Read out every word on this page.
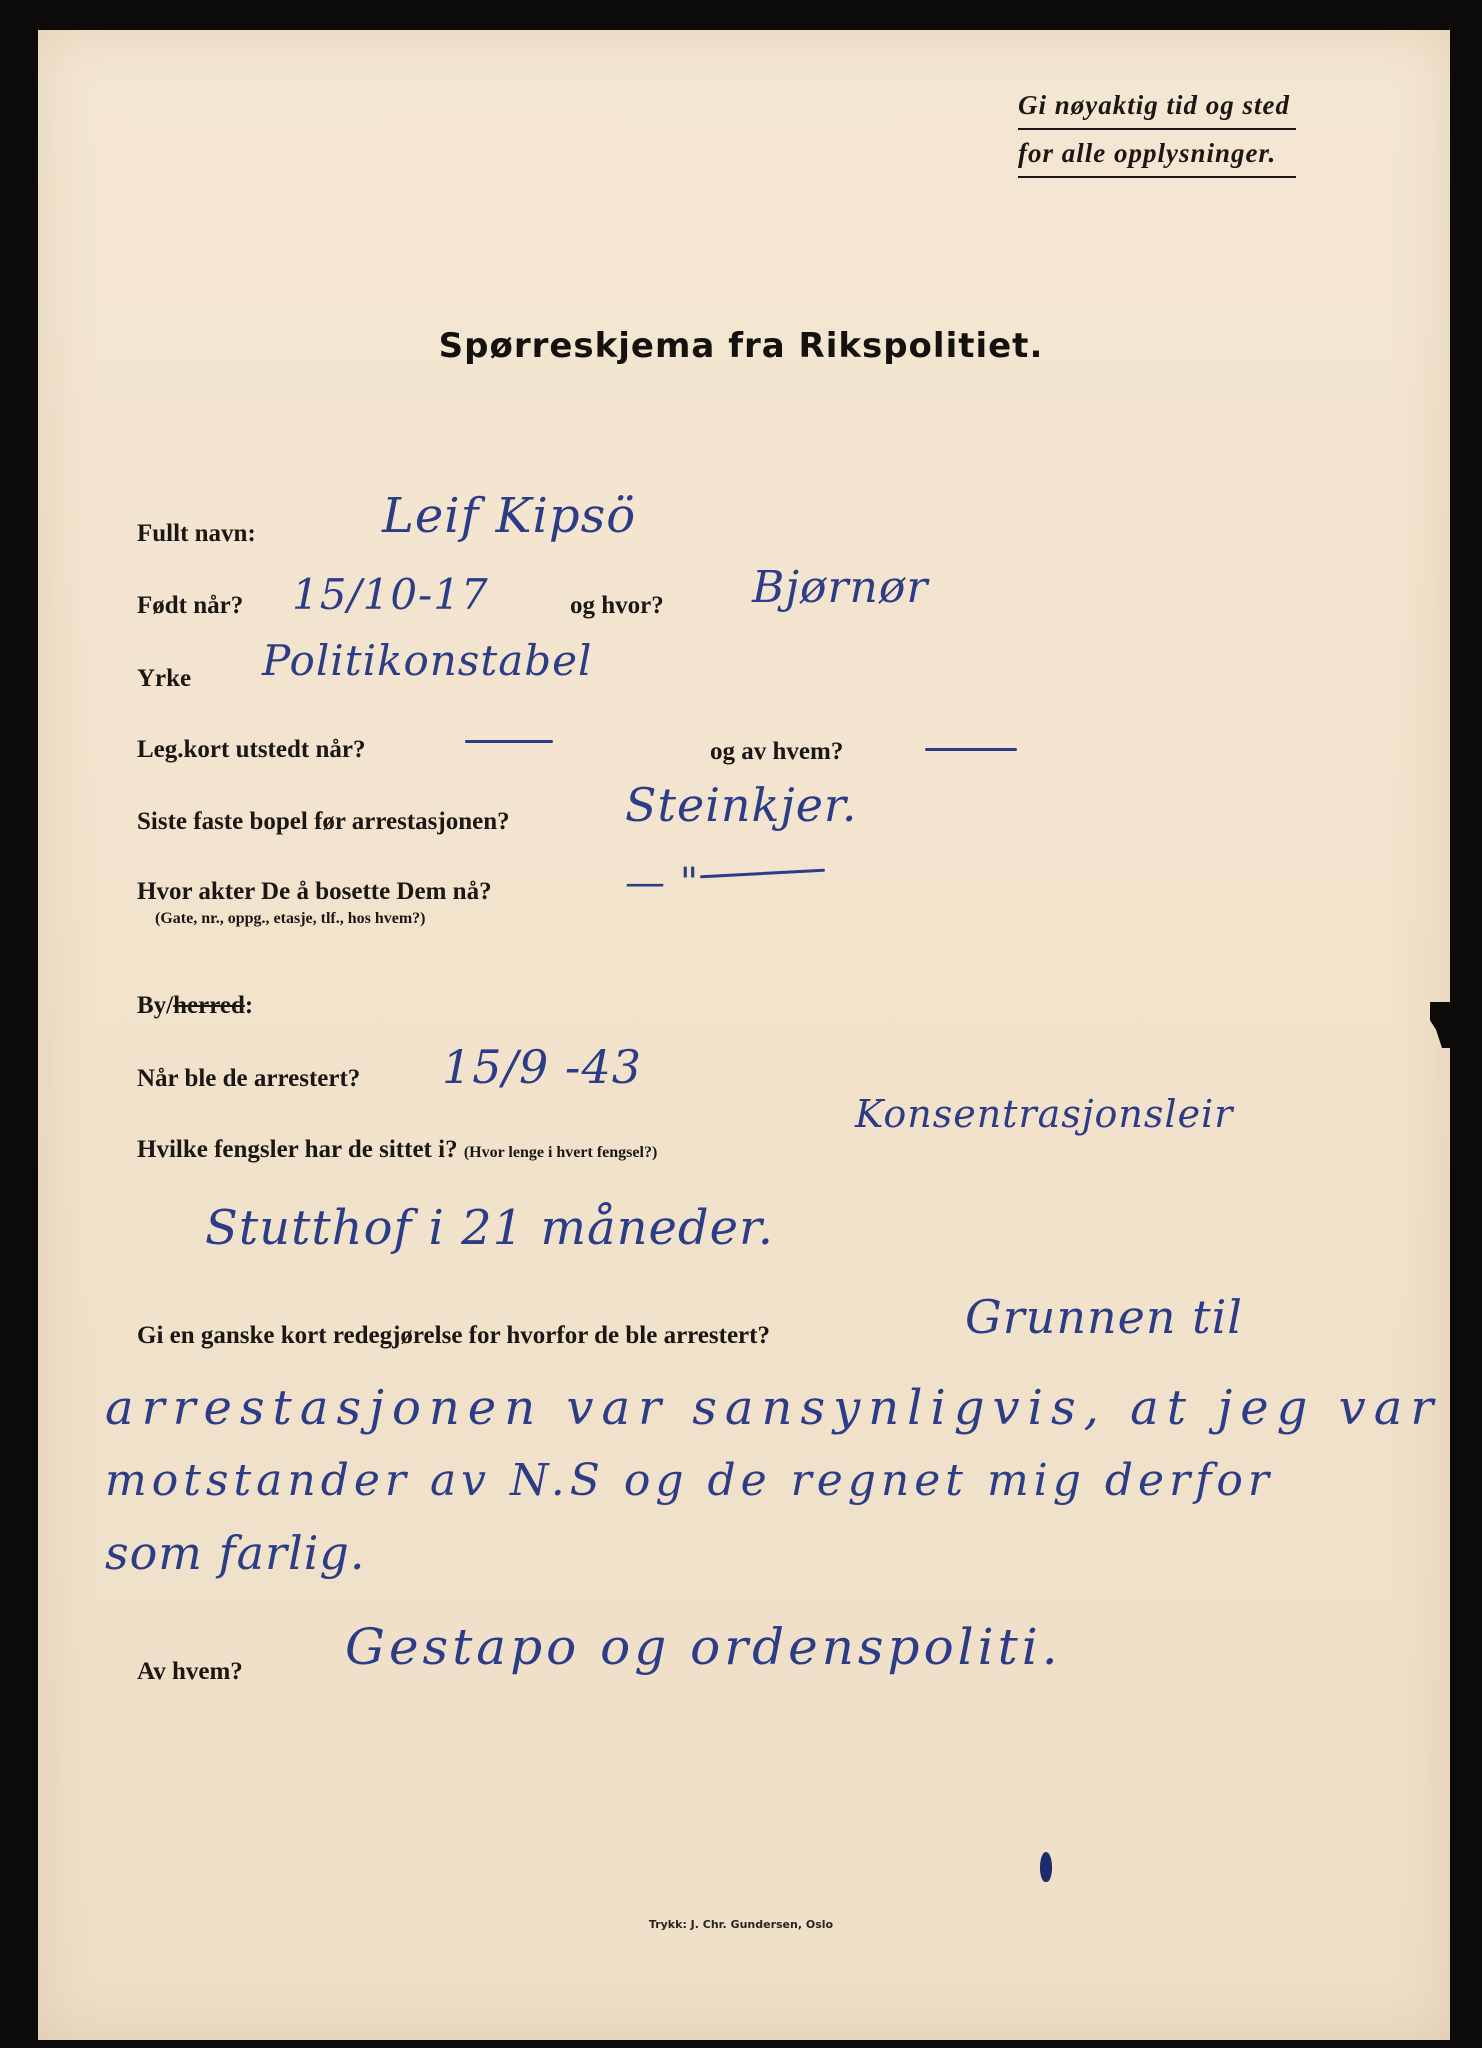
Gi nøyaktig tid og sted
for alle opplysninger.
Spørreskjema fra Rikspolitiet.
Fullt navn:	Leif Kipsö
Født når? 15/10-17	og hvor? Bjørnør
Yrke Politikonstabel
Leg.kort utstedt når?	og av hvem?
Siste faste bopel før arrestasjonen?	Steinkjer.
Hvor akter De å bosette Dem nå?
(Gate, nr., oppg., etasje, tlf., hos hvem?)
— "
By/herred:
Når ble de arrestert? 15/9 -43
Hvilke fengsler har de sittet i? (Hvor lenge i hvert fengsel?)
Konsentrasjonsleir
Stutthof i 21 måneder.
Gi en ganske kort redegjørelse for hvorfor de ble arrestert?	Grunnen til
arrestasjonen var sansynligvis, at jeg var
motstander av N.S og de regnet mig derfor
som farlig.
Av hvem? Gestapo og ordenspoliti.
Trykk: J. Chr. Gundersen, Oslo
